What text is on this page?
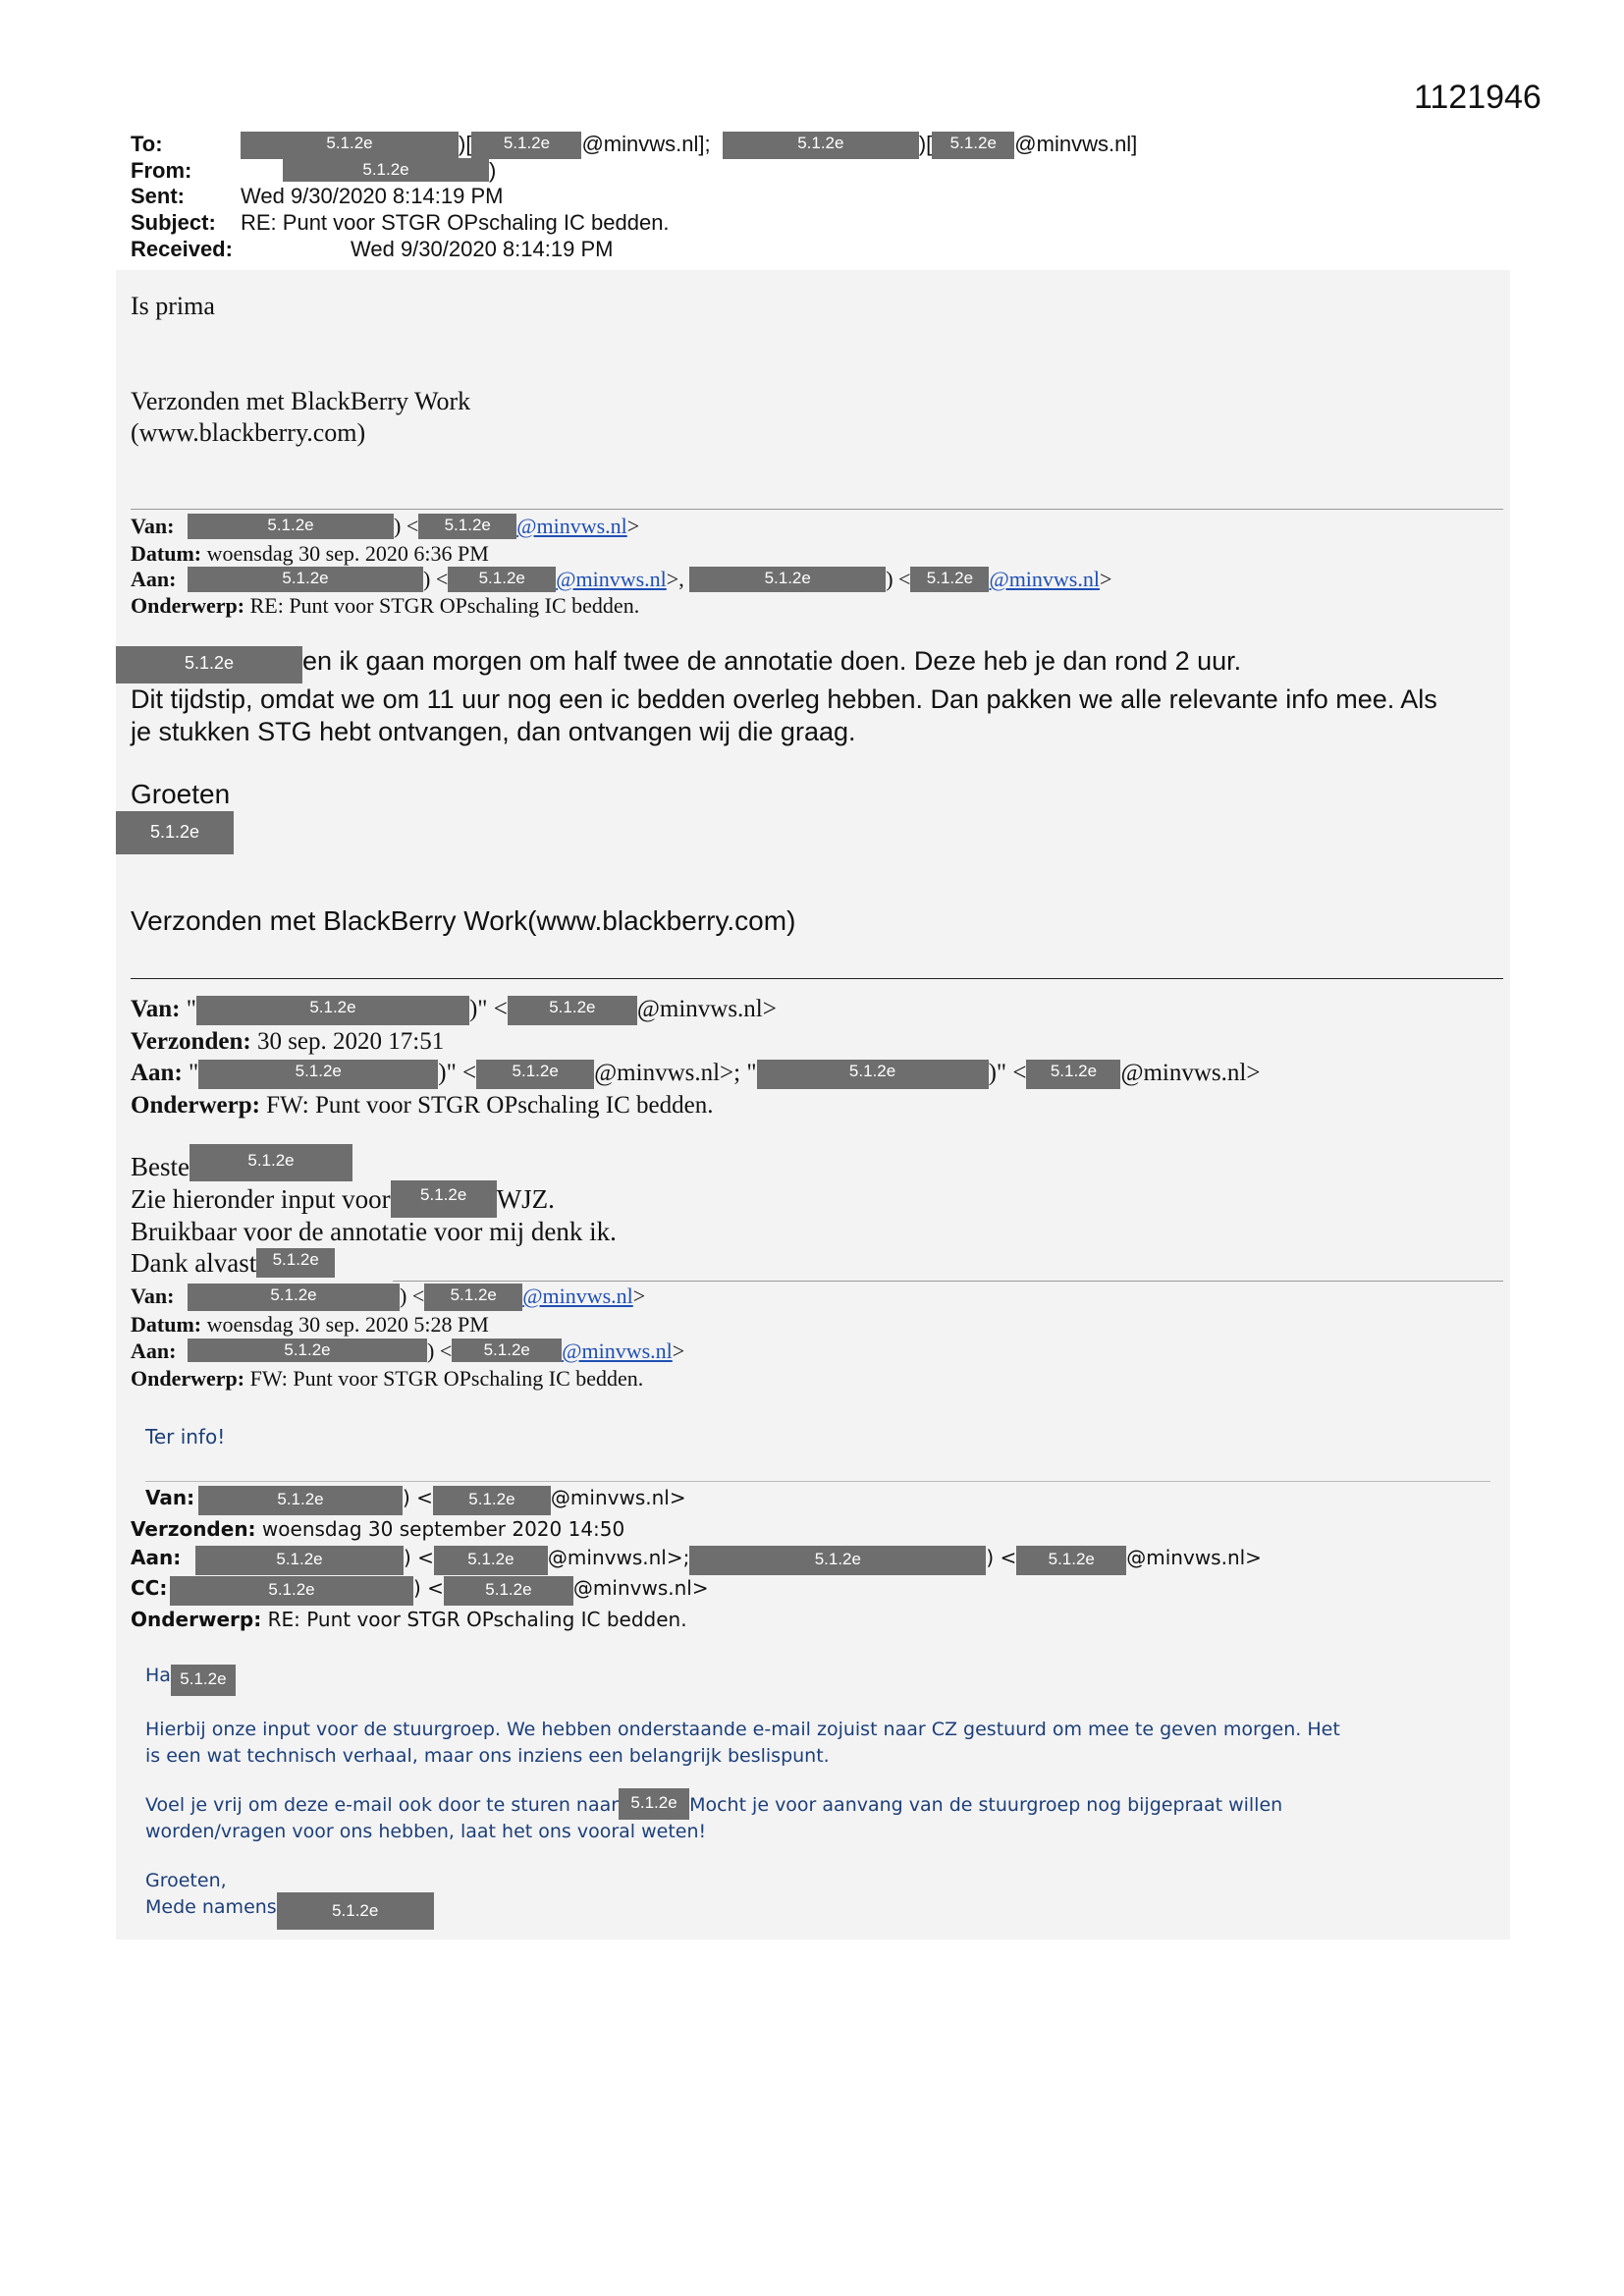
1121946
To:	5.1.2e	)[ 5.1.2e @minvws.nl];	5.1.2e	)[ 5.1.2e @minvws.nl]
From:	5.1.2e	)
Sent:	Wed 9/30/2020 8:14:19 PM
Subject: RE: Punt voor STGR OPschaling IC bedden.
Received:	Wed 9/30/2020 8:14:19 PM
Is prima
Verzonden met BlackBerry Work
(www.blackberry.com)
Van:	5.1.2e	) < 5.1.2e @minvws.nl>
Datum: woensdag 30 sep. 2020 6:36 PM
Aan:	5.1.2e	) < 5.1.2e @minvws.nl>,	5.1.2e	) < 5.1.2e @minvws.nl>
Onderwerp: RE: Punt voor STGR OPschaling IC bedden.
5.1.2e	en ik gaan morgen om half twee de annotatie doen. Deze heb je dan rond 2 uur.
Dit tijdstip, omdat we om 11 uur nog een ic bedden overleg hebben. Dan pakken we alle relevante info mee. Als
je stukken STG hebt ontvangen, dan ontvangen wij die graag.
Groeten
5.1.2e
Verzonden met BlackBerry Work(www.blackberry.com)
Van: "	5.1.2e	)" < 5.1.2e @minvws.nl>
Verzonden: 30 sep. 2020 17:51
Aan: "	5.1.2e	)" < 5.1.2e @minvws.nl>; "	5.1.2e	)" < 5.1.2e @minvws.nl>
Onderwerp: FW: Punt voor STGR OPschaling IC bedden.
Beste	5.1.2e
Zie hieronder input voor 5.1.2e WJZ.
Bruikbaar voor de annotatie voor mij denk ik.
Dank alvast 5.1.2e
Van:	5.1.2e	) < 5.1.2e @minvws.nl>
Datum: woensdag 30 sep. 2020 5:28 PM
Aan:	5.1.2e	) < 5.1.2e @minvws.nl>
Onderwerp: FW: Punt voor STGR OPschaling IC bedden.
Ter info!
Van:	5.1.2e	) < 5.1.2e @minvws.nl>
Verzonden: woensdag 30 september 2020 14:50
Aan:	5.1.2e	) < 5.1.2e @minvws.nl>;	5.1.2e	) < 5.1.2e @minvws.nl>
CC:	5.1.2e	) < 5.1.2e @minvws.nl>
Onderwerp: RE: Punt voor STGR OPschaling IC bedden.
Ha 5.1.2e
Hierbij onze input voor de stuurgroep. We hebben onderstaande e-mail zojuist naar CZ gestuurd om mee te geven morgen. Het
is een wat technisch verhaal, maar ons inziens een belangrijk beslispunt.
Voel je vrij om deze e-mail ook door te sturen naar 5.1.2e Mocht je voor aanvang van de stuurgroep nog bijgepraat willen
worden/vragen voor ons hebben, laat het ons vooral weten!
Groeten,
Mede namens	5.1.2e
